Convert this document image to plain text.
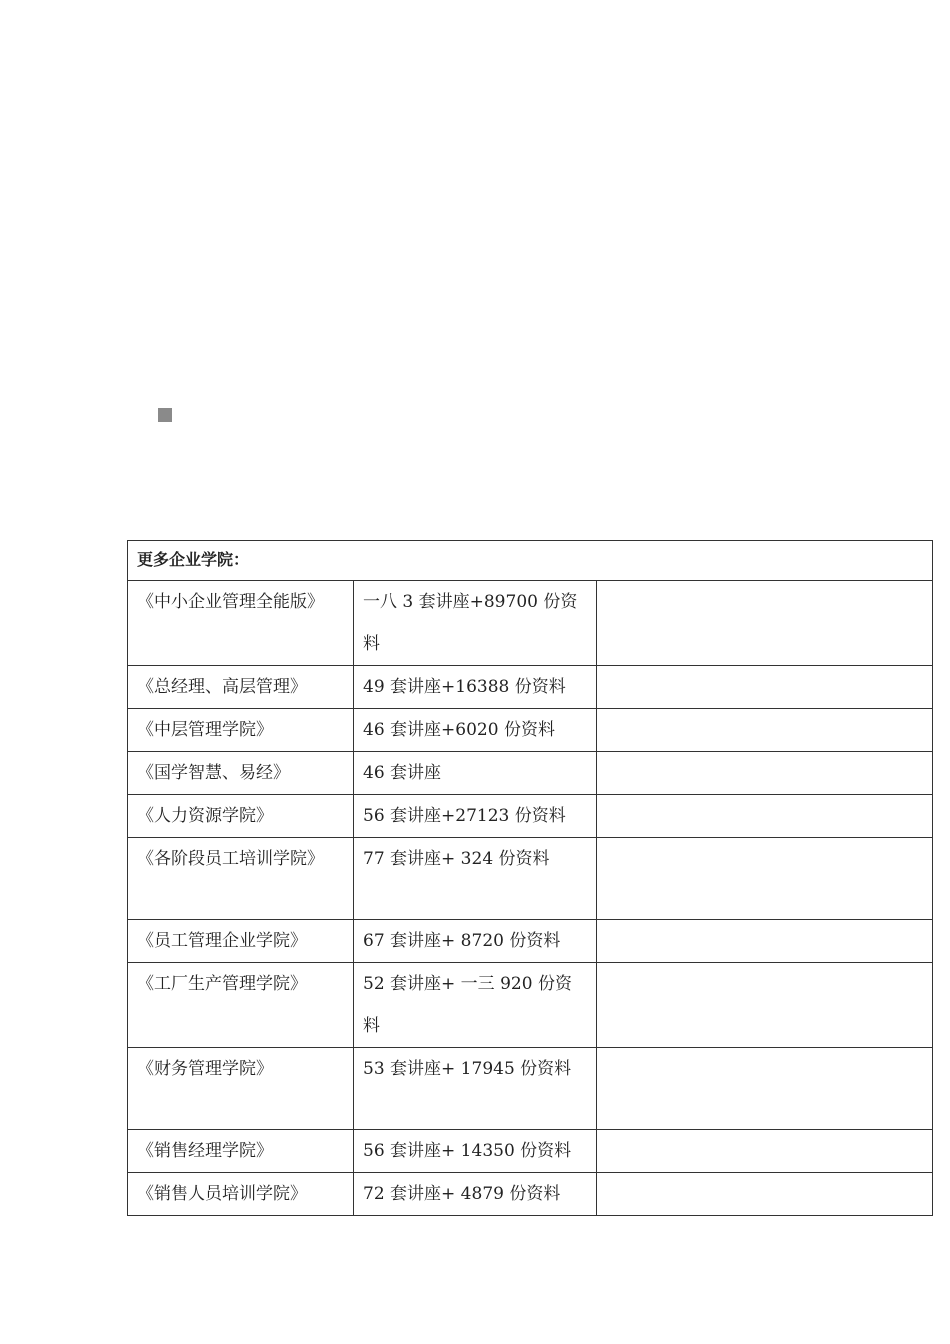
更多企业学院：		

《中小企业管理全能版》	一八 3 套讲座+89700 份资料	

《总经理、高层管理》	49 套讲座+16388 份资料	

《中层管理学院》	46 套讲座+6020 份资料	

《国学智慧、易经》	46 套讲座	

《人力资源学院》	56 套讲座+27123 份资料	

《各阶段员工培训学院》	77 套讲座+ 324 份资料	

《员工管理企业学院》	67 套讲座+ 8720 份资料	

《工厂生产管理学院》	52 套讲座+ 一三 920 份资料	

《财务管理学院》	53 套讲座+ 17945 份资料	

《销售经理学院》	56 套讲座+ 14350 份资料	

《销售人员培训学院》	72 套讲座+ 4879 份资料	
